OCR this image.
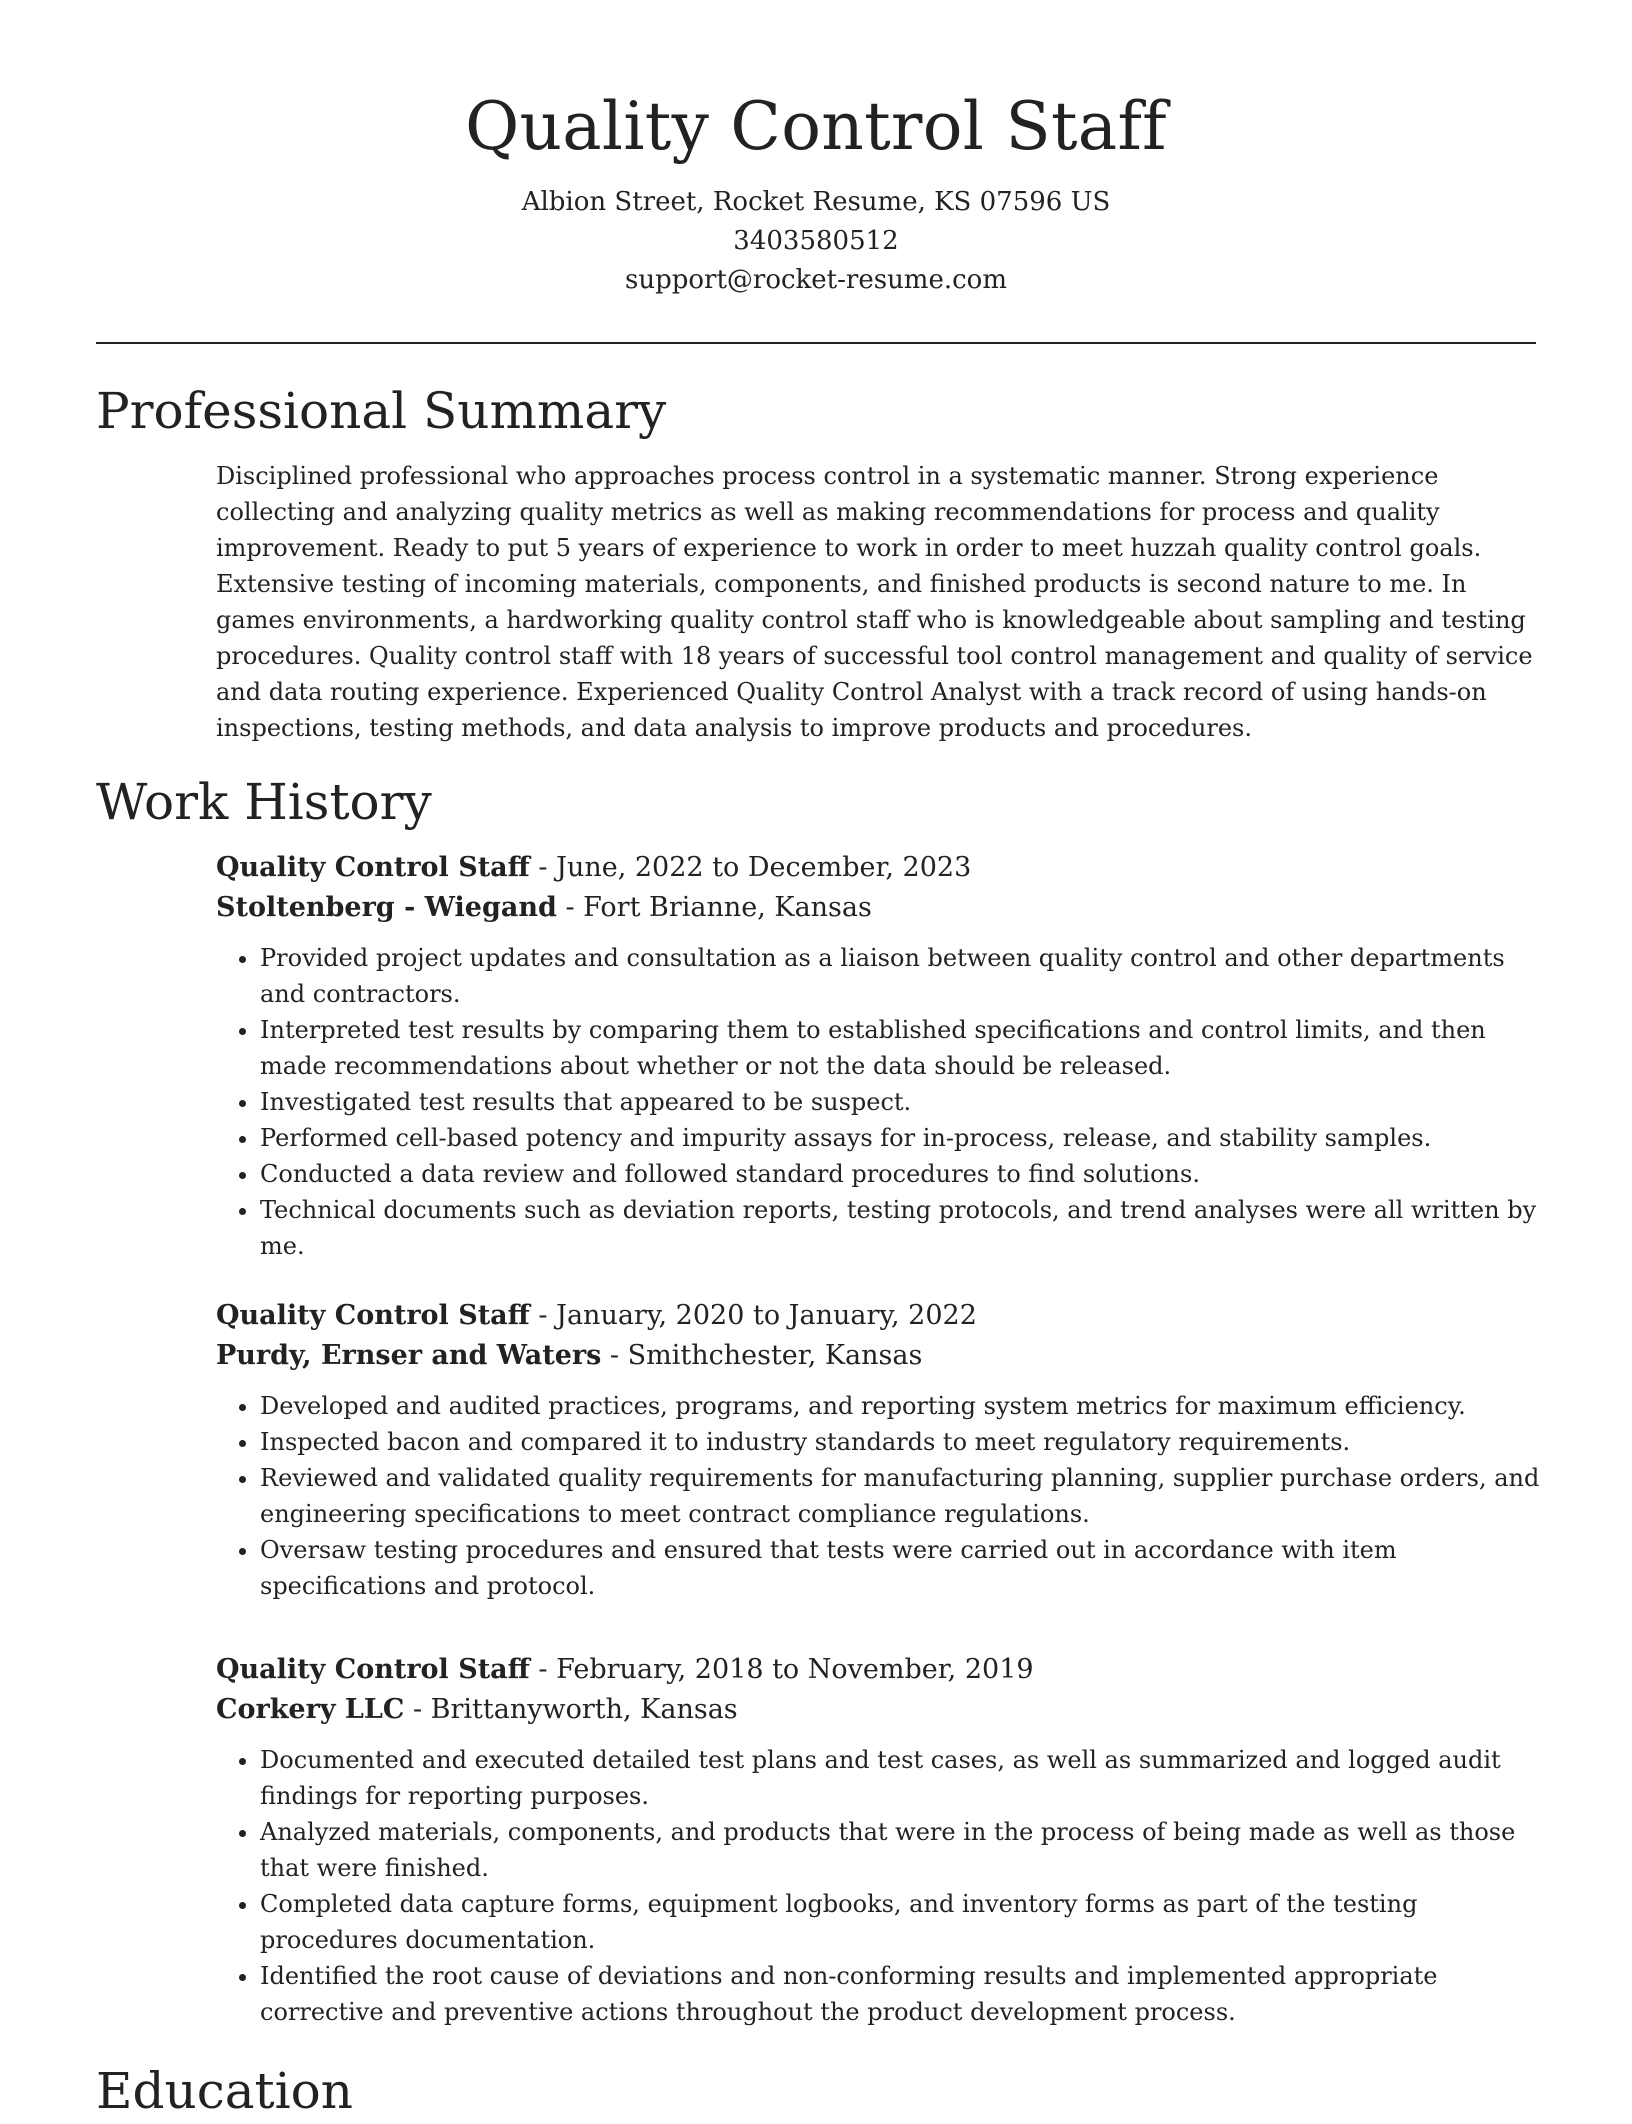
Quality Control Staff
Albion Street, Rocket Resume, KS 07596 US
3403580512
support@rocket-resume.com
Professional Summary

Disciplined professional who approaches process control in a systematic manner. Strong experience collecting and analyzing quality metrics as well as making recommendations for process and quality improvement. Ready to put 5 years of experience to work in order to meet huzzah quality control goals. Extensive testing of incoming materials, components, and finished products is second nature to me. In games environments, a hardworking quality control staff who is knowledgeable about sampling and testing procedures. Quality control staff with 18 years of successful tool control management and quality of service and data routing experience. Experienced Quality Control Analyst with a track record of using hands-on inspections, testing methods, and data analysis to improve products and procedures.

Work History
Quality Control Staff - June, 2022 to December, 2023
Stoltenberg - Wiegand - Fort Brianne, Kansas
• Provided project updates and consultation as a liaison between quality control and other departments and contractors.
• Interpreted test results by comparing them to established specifications and control limits, and then made recommendations about whether or not the data should be released.
• Investigated test results that appeared to be suspect.
• Performed cell-based potency and impurity assays for in-process, release, and stability samples.
• Conducted a data review and followed standard procedures to find solutions.
• Technical documents such as deviation reports, testing protocols, and trend analyses were all written by me.
Quality Control Staff - January, 2020 to January, 2022
Purdy, Ernser and Waters - Smithchester, Kansas
• Developed and audited practices, programs, and reporting system metrics for maximum efficiency.
• Inspected bacon and compared it to industry standards to meet regulatory requirements.
• Reviewed and validated quality requirements for manufacturing planning, supplier purchase orders, and engineering specifications to meet contract compliance regulations.
• Oversaw testing procedures and ensured that tests were carried out in accordance with item specifications and protocol.
Quality Control Staff - February, 2018 to November, 2019
Corkery LLC - Brittanyworth, Kansas
• Documented and executed detailed test plans and test cases, as well as summarized and logged audit findings for reporting purposes.
• Analyzed materials, components, and products that were in the process of being made as well as those that were finished.
• Completed data capture forms, equipment logbooks, and inventory forms as part of the testing procedures documentation.
• Identified the root cause of deviations and non-conforming results and implemented appropriate corrective and preventive actions throughout the product development process.
Education
